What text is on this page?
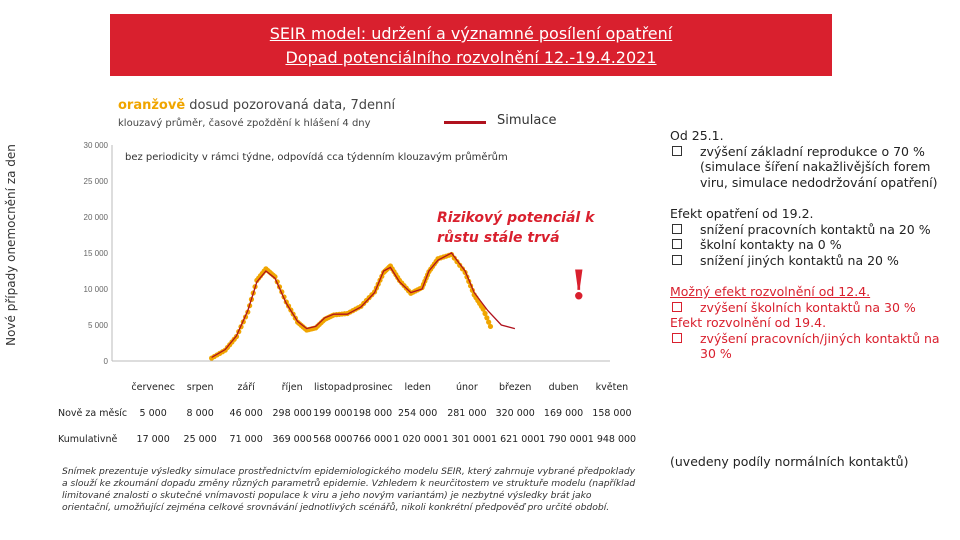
SEIR model: udržení a významné posílení opatření
Dopad potenciálního rozvolnění 12.-19.4.2021
oranžově dosud pozorovaná data, 7denní
klouzavý průměr, časové zpoždění k hlášení 4 dny	Simulace
Nové případy onemocnění za den
0
5 000
10 000
15 000
20 000
25 000
30 000
bez periodicity v rámci týdne, odpovídá cca týdenním klouzavým průměrům
Rizikový potenciál k
růstu stále trvá
!
	červenec	srpen	září	říjen	listopad	prosinec	leden	únor	březen	duben	květen
Nově za měsíc	5 000	8 000	46 000	298 000	199 000	198 000	254 000	281 000	320 000	169 000	158 000
Kumulativně	17 000	25 000	71 000	369 000	568 000	766 000	1 020 000	1 301 000	1 621 000	1 790 000	1 948 000
Snímek prezentuje výsledky simulace prostřednictvím epidemiologického modelu SEIR, který zahrnuje vybrané předpoklady a slouží ke zkoumání dopadu změny různých parametrů epidemie. Vzhledem k neurčitostem ve struktuře modelu (například limitované znalosti o skutečné vnímavosti populace k viru a jeho novým variantám) je nezbytné výsledky brát jako orientační, umožňující zejména celkové srovnávání jednotlivých scénářů, nikoli konkrétní předpověď pro určité období.

Od 25.1.

zvýšení základní reprodukce o 70 % (simulace šíření nakažlivějších forem viru, simulace nedodržování opatření)

Efekt opatření od 19.2.

snížení pracovních kontaktů na 20 %
školní kontakty na 0 %
snížení jiných kontaktů na 20 %

Možný efekt rozvolnění od 12.4.

zvýšení školních kontaktů na 30 %

Efekt rozvolnění od 19.4.

zvýšení pracovních/jiných kontaktů na 30 %
(uvedeny podíly normálních kontaktů)
